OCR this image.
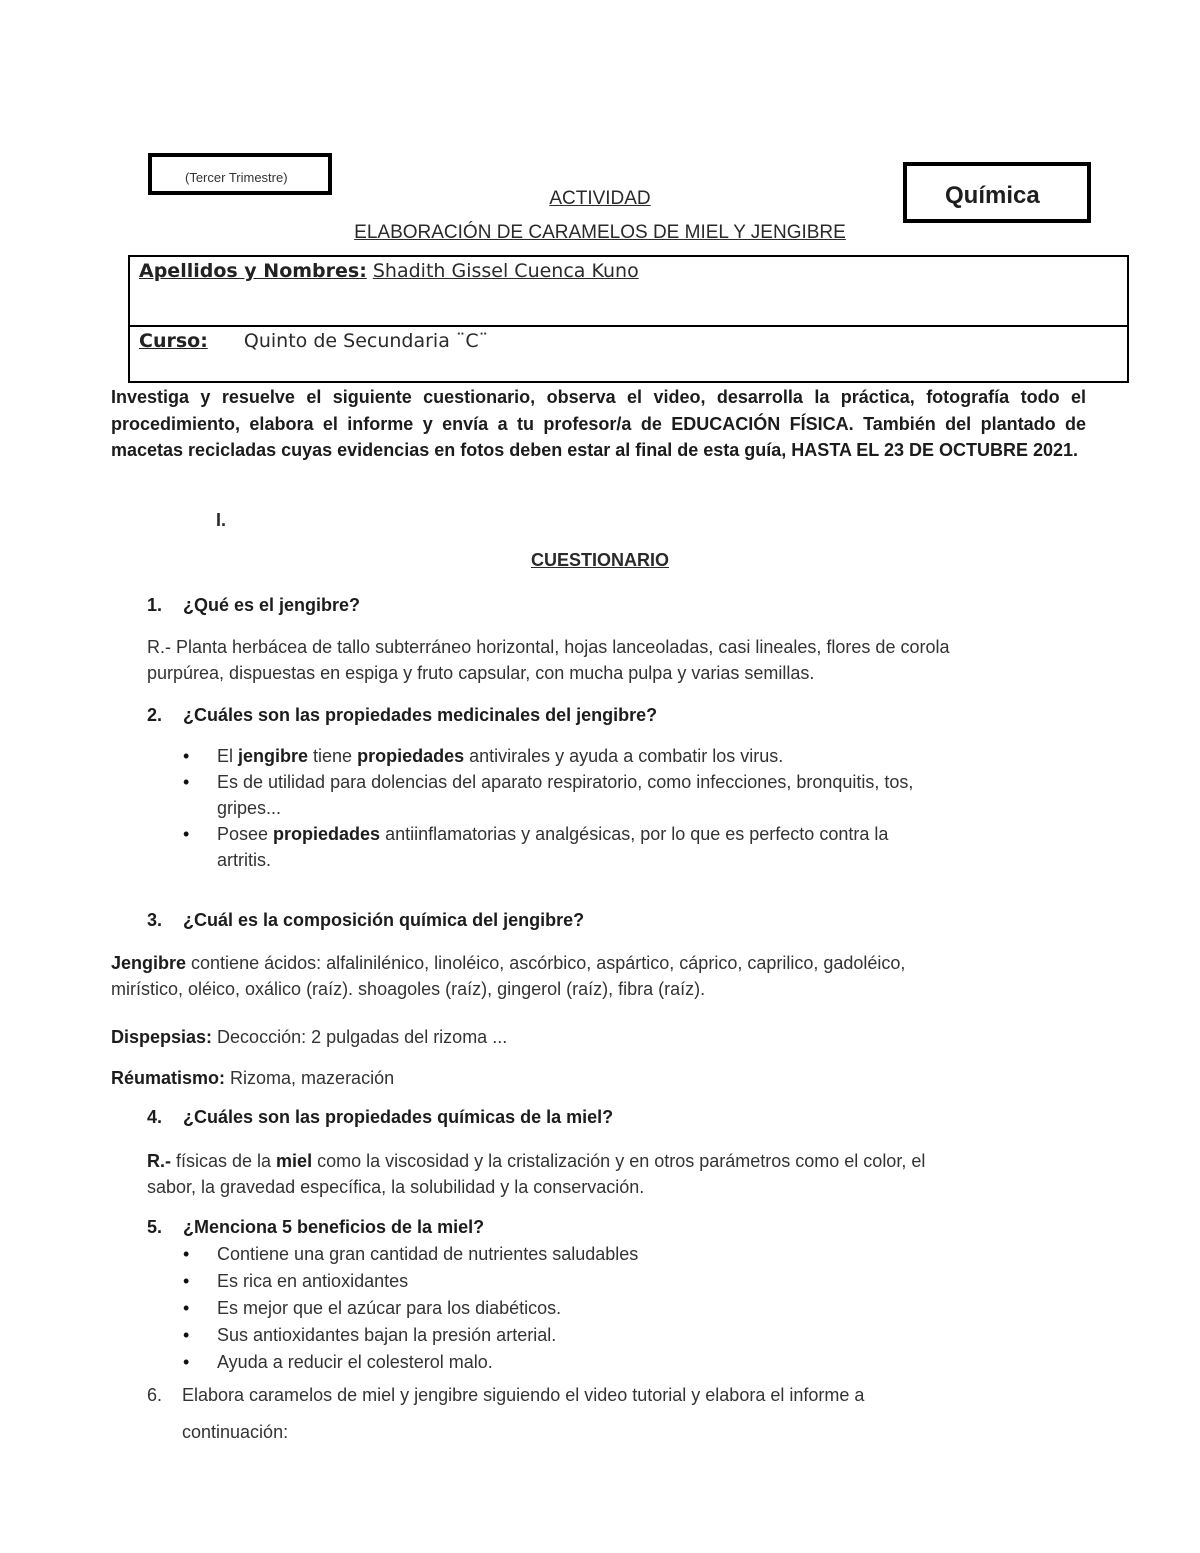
(Tercer Trimestre)
Química
ACTIVIDAD
ELABORACIÓN DE CARAMELOS DE MIEL Y JENGIBRE
Apellidos y Nombres: Shadith Gissel Cuenca Kuno
Curso: Quinto de Secundaria ¨C¨
Investiga y resuelve el siguiente cuestionario, observa el video, desarrolla la práctica, fotografía todo el procedimiento, elabora el informe y envía a tu profesor/a de EDUCACIÓN FÍSICA. También del plantado de macetas recicladas cuyas evidencias en fotos deben estar al final de esta guía, HASTA EL 23 DE OCTUBRE 2021.
I.
CUESTIONARIO
1. ¿Qué es el jengibre?
R.- Planta herbácea de tallo subterráneo horizontal, hojas lanceoladas, casi lineales, flores de corola
purpúrea, dispuestas en espiga y fruto capsular, con mucha pulpa y varias semillas.
2. ¿Cuáles son las propiedades medicinales del jengibre?
• El jengibre tiene propiedades antivirales y ayuda a combatir los virus.
• Es de utilidad para dolencias del aparato respiratorio, como infecciones, bronquitis, tos,
gripes...
• Posee propiedades antiinflamatorias y analgésicas, por lo que es perfecto contra la
artritis.
3. ¿Cuál es la composición química del jengibre?
Jengibre contiene ácidos: alfalinilénico, linoléico, ascórbico, aspártico, cáprico, caprilico, gadoléico,
mirístico, oléico, oxálico (raíz). shoagoles (raíz), gingerol (raíz), fibra (raíz).
Dispepsias: Decocción: 2 pulgadas del rizoma ...
Réumatismo: Rizoma, mazeración
4. ¿Cuáles son las propiedades químicas de la miel?
R.- físicas de la miel como la viscosidad y la cristalización y en otros parámetros como el color, el
sabor, la gravedad específica, la solubilidad y la conservación.
5. ¿Menciona 5 beneficios de la miel?
• Contiene una gran cantidad de nutrientes saludables
• Es rica en antioxidantes
• Es mejor que el azúcar para los diabéticos.
• Sus antioxidantes bajan la presión arterial.
• Ayuda a reducir el colesterol malo.
6. Elabora caramelos de miel y jengibre siguiendo el video tutorial y elabora el informe a
continuación:
